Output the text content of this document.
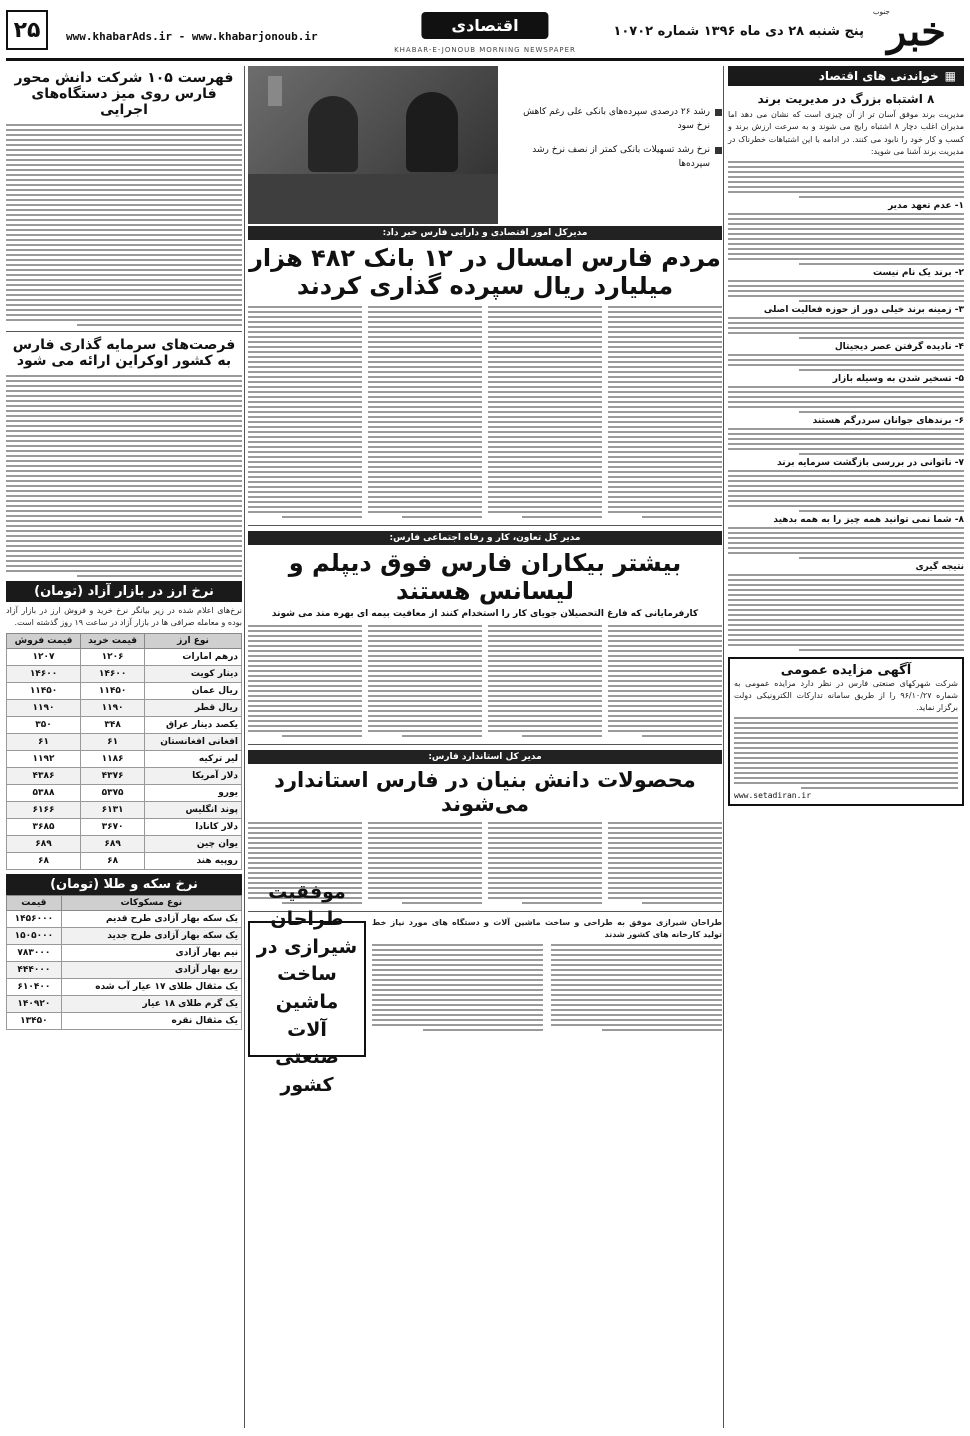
خبر
جنوب
پنج شنبه ۲۸ دی ماه ۱۳۹۶ شماره ۱۰۷۰۲
اقتصادی
www.khabarAds.ir - www.khabarjonoub.ir
۲۵
KHABAR-E-JONOUB MORNING NEWSPAPER
▦
خواندنی های اقتصاد
۸ اشتباه بزرگ در مدیریت برند
مدیریت برند موفق آسان تر از آن چیزی است که نشان می دهد اما مدیران اغلب دچار ۸ اشتباه رایج می شوند و به سرعت ارزش برند و کسب و کار خود را نابود می کنند. در ادامه با این اشتباهات خطرناک در مدیریت برند آشنا می شوید:
۱- عدم تعهد مدیر
۲- برند یک نام نیست
۳- زمینه برند خیلی دور از حوزه فعالیت اصلی
۴- نادیده گرفتن عصر دیجیتال
۵- تسخیر شدن به وسیله بازار
۶- برندهای جوانان سردرگم هستند
۷- ناتوانی در بررسی بازگشت سرمایه برند
۸- شما نمی توانید همه چیز را به همه بدهید
نتیجه گیری
آگهی مزایده عمومی
شرکت شهرکهای صنعتی فارس در نظر دارد مزایده عمومی به شماره ۹۶/۱۰/۲۷ را از طریق سامانه تدارکات الکترونیکی دولت برگزار نماید.
www.setadiran.ir
رشد ۲۶ درصدی سپرده‌های بانکی علی رغم کاهش نرخ سود
نرخ رشد تسهیلات بانکی کمتر از نصف نرخ رشد سپرده‌ها
مدیرکل امور اقتصادی و دارایی فارس خبر داد:
مردم فارس امسال در ۱۲ بانک ۴۸۲ هزار میلیارد ریال سپرده گذاری کردند
مدیر کل تعاون، کار و رفاه اجتماعی فارس:
بیشتر بیکاران فارس فوق دیپلم و لیسانس هستند
کارفرمایانی که فارغ التحصیلان جویای کار را استخدام کنند از معافیت بیمه ای بهره مند می شوند
مدیر کل استاندارد فارس:
محصولات دانش بنیان در فارس استاندارد می‌شوند
طراحان شیرازی موفق به طراحی و ساخت ماشین آلات و دستگاه های مورد نیاز خط تولید کارخانه های کشور شدند
موفقیت طراحان شیرازی در ساخت ماشین آلات صنعتی کشور
فهرست ۱۰۵ شرکت دانش محور فارس روی میز دستگاه‌های اجرایی
فرصت‌های سرمایه گذاری فارس به کشور اوکراین ارائه می شود
نرخ ارز در بازار آزاد (تومان)
نرخ‌های اعلام شده در زیر بیانگر نرخ خرید و فروش ارز در بازار آزاد بوده و معامله صرافی ها در بازار آزاد در ساعت ۱۹ روز گذشته است.
نوع ارز	قیمت خرید	قیمت فروش
درهم امارات	۱۲۰۶	۱۲۰۷
دینار کویت	۱۴۶۰۰	۱۴۶۰۰
ریال عمان	۱۱۴۵۰	۱۱۴۵۰
ریال قطر	۱۱۹۰	۱۱۹۰
یکصد دینار عراق	۳۴۸	۳۵۰
افغانی افغانستان	۶۱	۶۱
لیر ترکیه	۱۱۸۶	۱۱۹۲
دلار آمریکا	۴۳۷۶	۴۳۸۶
یورو	۵۳۷۵	۵۳۸۸
پوند انگلیس	۶۱۳۱	۶۱۶۶
دلار کانادا	۳۶۷۰	۳۶۸۵
یوان چین	۶۸۹	۶۸۹
روپیه هند	۶۸	۶۸
نرخ سکه و طلا (تومان)
نوع مسکوکات	قیمت
یک سکه بهار آزادی طرح قدیم	۱۴۵۶۰۰۰
یک سکه بهار آزادی طرح جدید	۱۵۰۵۰۰۰
نیم بهار آزادی	۷۸۳۰۰۰
ربع بهار آزادی	۴۴۴۰۰۰
یک مثقال طلای ۱۷ عیار آب شده	۶۱۰۴۰۰
یک گرم طلای ۱۸ عیار	۱۴۰۹۲۰
یک مثقال نقره	۱۳۴۵۰
